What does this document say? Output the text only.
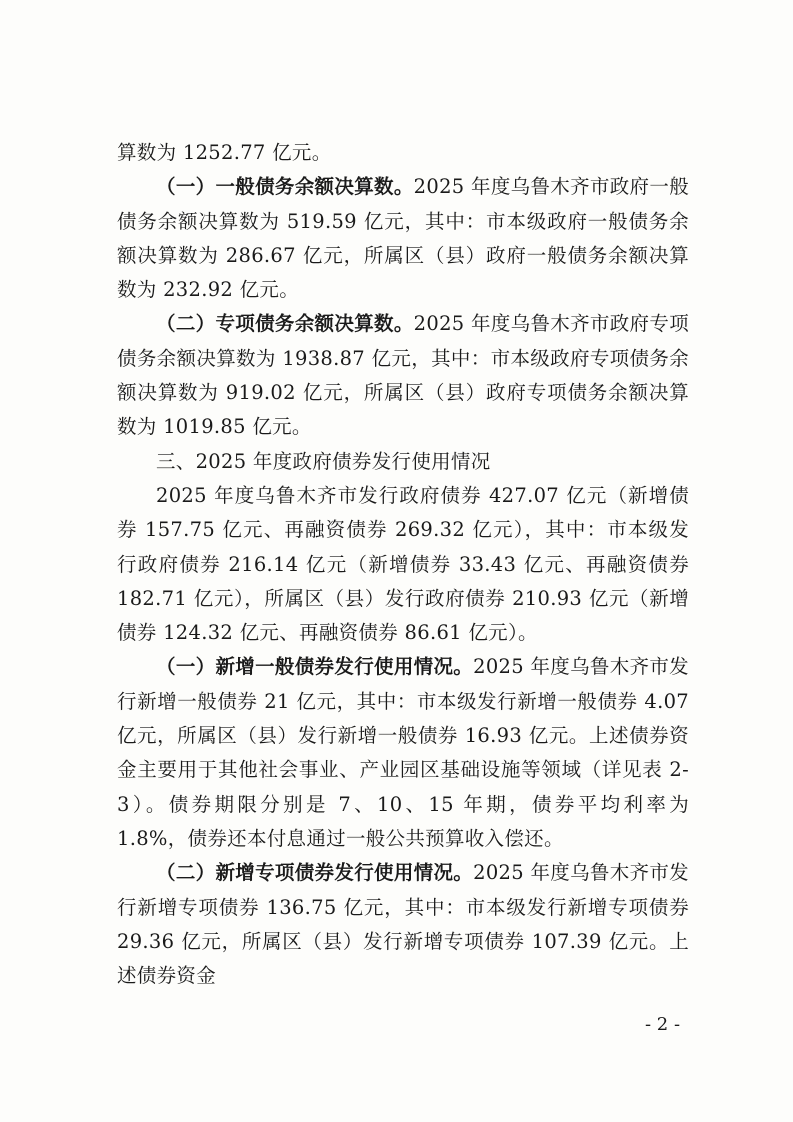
算数为 1252.77 亿元。

（一）一般债务余额决算数。2025 年度乌鲁木齐市政府一般债务余额决算数为 519.59 亿元，其中：市本级政府一般债务余额决算数为 286.67 亿元，所属区（县）政府一般债务余额决算数为 232.92 亿元。

（二）专项债务余额决算数。2025 年度乌鲁木齐市政府专项债务余额决算数为 1938.87 亿元，其中：市本级政府专项债务余额决算数为 919.02 亿元，所属区（县）政府专项债务余额决算数为 1019.85 亿元。

三、2025 年度政府债券发行使用情况

2025 年度乌鲁木齐市发行政府债券 427.07 亿元（新增债券 157.75 亿元、再融资债券 269.32 亿元），其中：市本级发行政府债券 216.14 亿元（新增债券 33.43 亿元、再融资债券 182.71 亿元），所属区（县）发行政府债券 210.93 亿元（新增债券 124.32 亿元、再融资债券 86.61 亿元）。

（一）新增一般债券发行使用情况。2025 年度乌鲁木齐市发行新增一般债券 21 亿元，其中：市本级发行新增一般债券 4.07 亿元，所属区（县）发行新增一般债券 16.93 亿元。上述债券资金主要用于其他社会事业、产业园区基础设施等领域（详见表 2-3）。债券期限分别是 7、10、15 年期，债券平均利率为 1.8%，债券还本付息通过一般公共预算收入偿还。

（二）新增专项债券发行使用情况。2025 年度乌鲁木齐市发行新增专项债券 136.75 亿元，其中：市本级发行新增专项债券 29.36 亿元，所属区（县）发行新增专项债券 107.39 亿元。上述债券资金

- 2 -
